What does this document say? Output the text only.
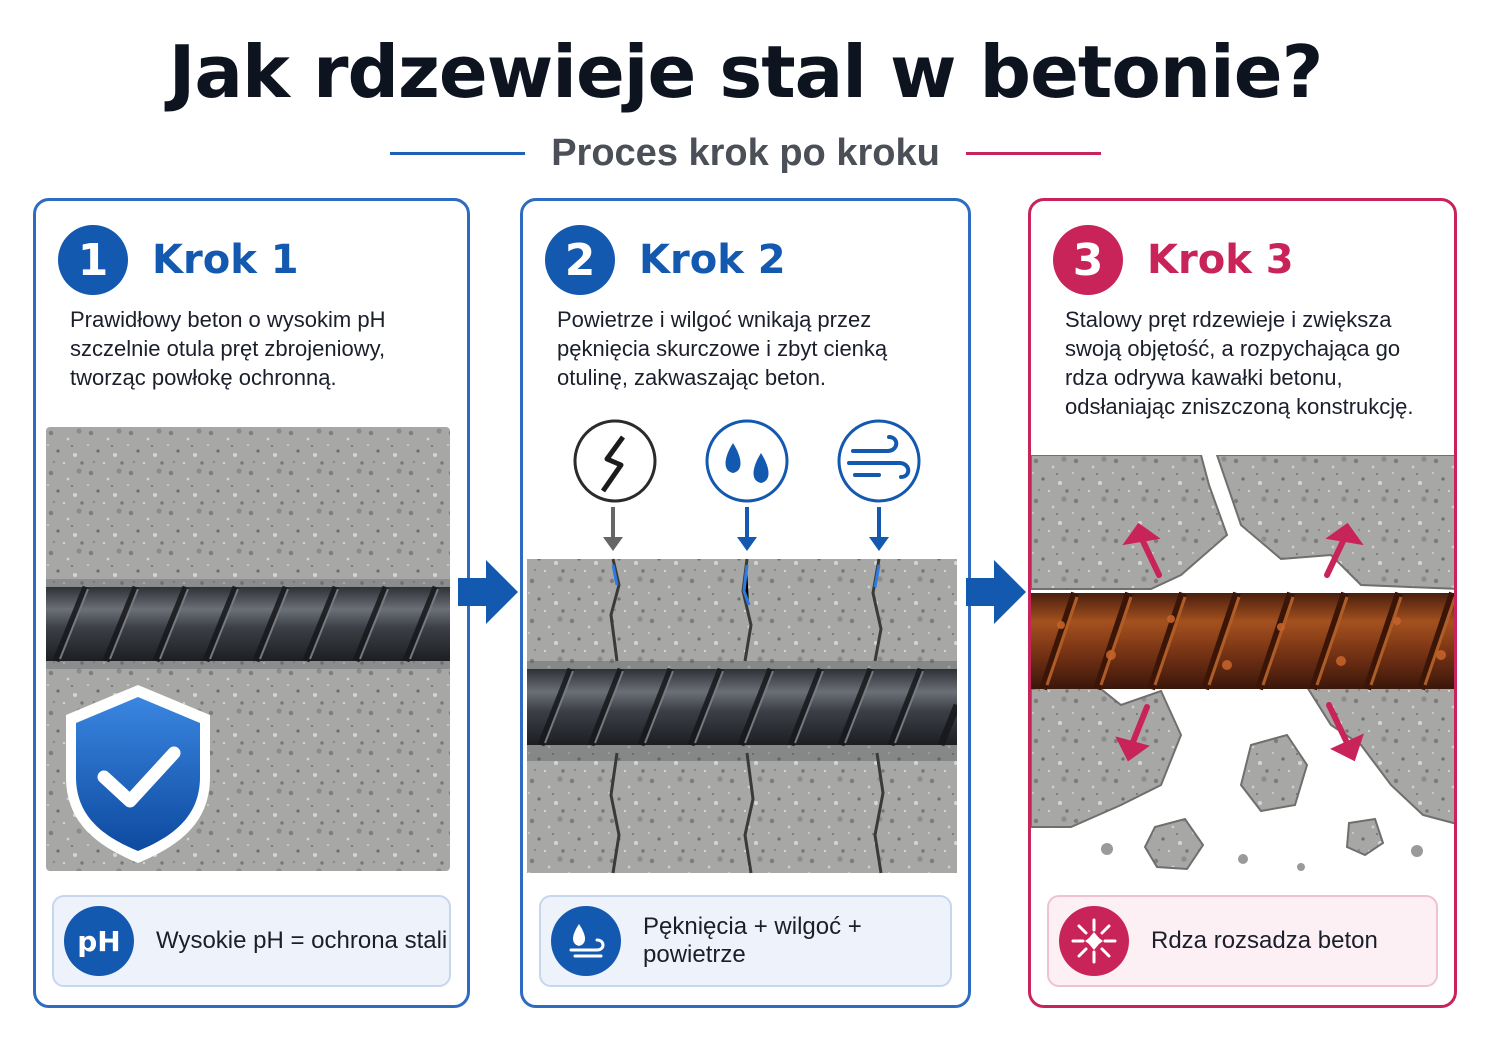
Jak rdzewieje stal w betonie?
Proces krok po kroku
1	Krok 1
Prawidłowy beton o wysokim pH szczelnie otula pręt zbrojeniowy, tworząc powłokę ochronną.
pH	Wysokie pH = ochrona stali
2	Krok 2
Powietrze i wilgoć wnikają przez pęknięcia skurczowe i zbyt cienką otulinę, zakwaszając beton.
Pęknięcia + wilgoć + powietrze
3	Krok 3
Stalowy pręt rdzewieje i zwiększa swoją objętość, a rozpychająca go rdza odrywa kawałki betonu, odsłaniając zniszczoną konstrukcję.
Rdza rozsadza beton
